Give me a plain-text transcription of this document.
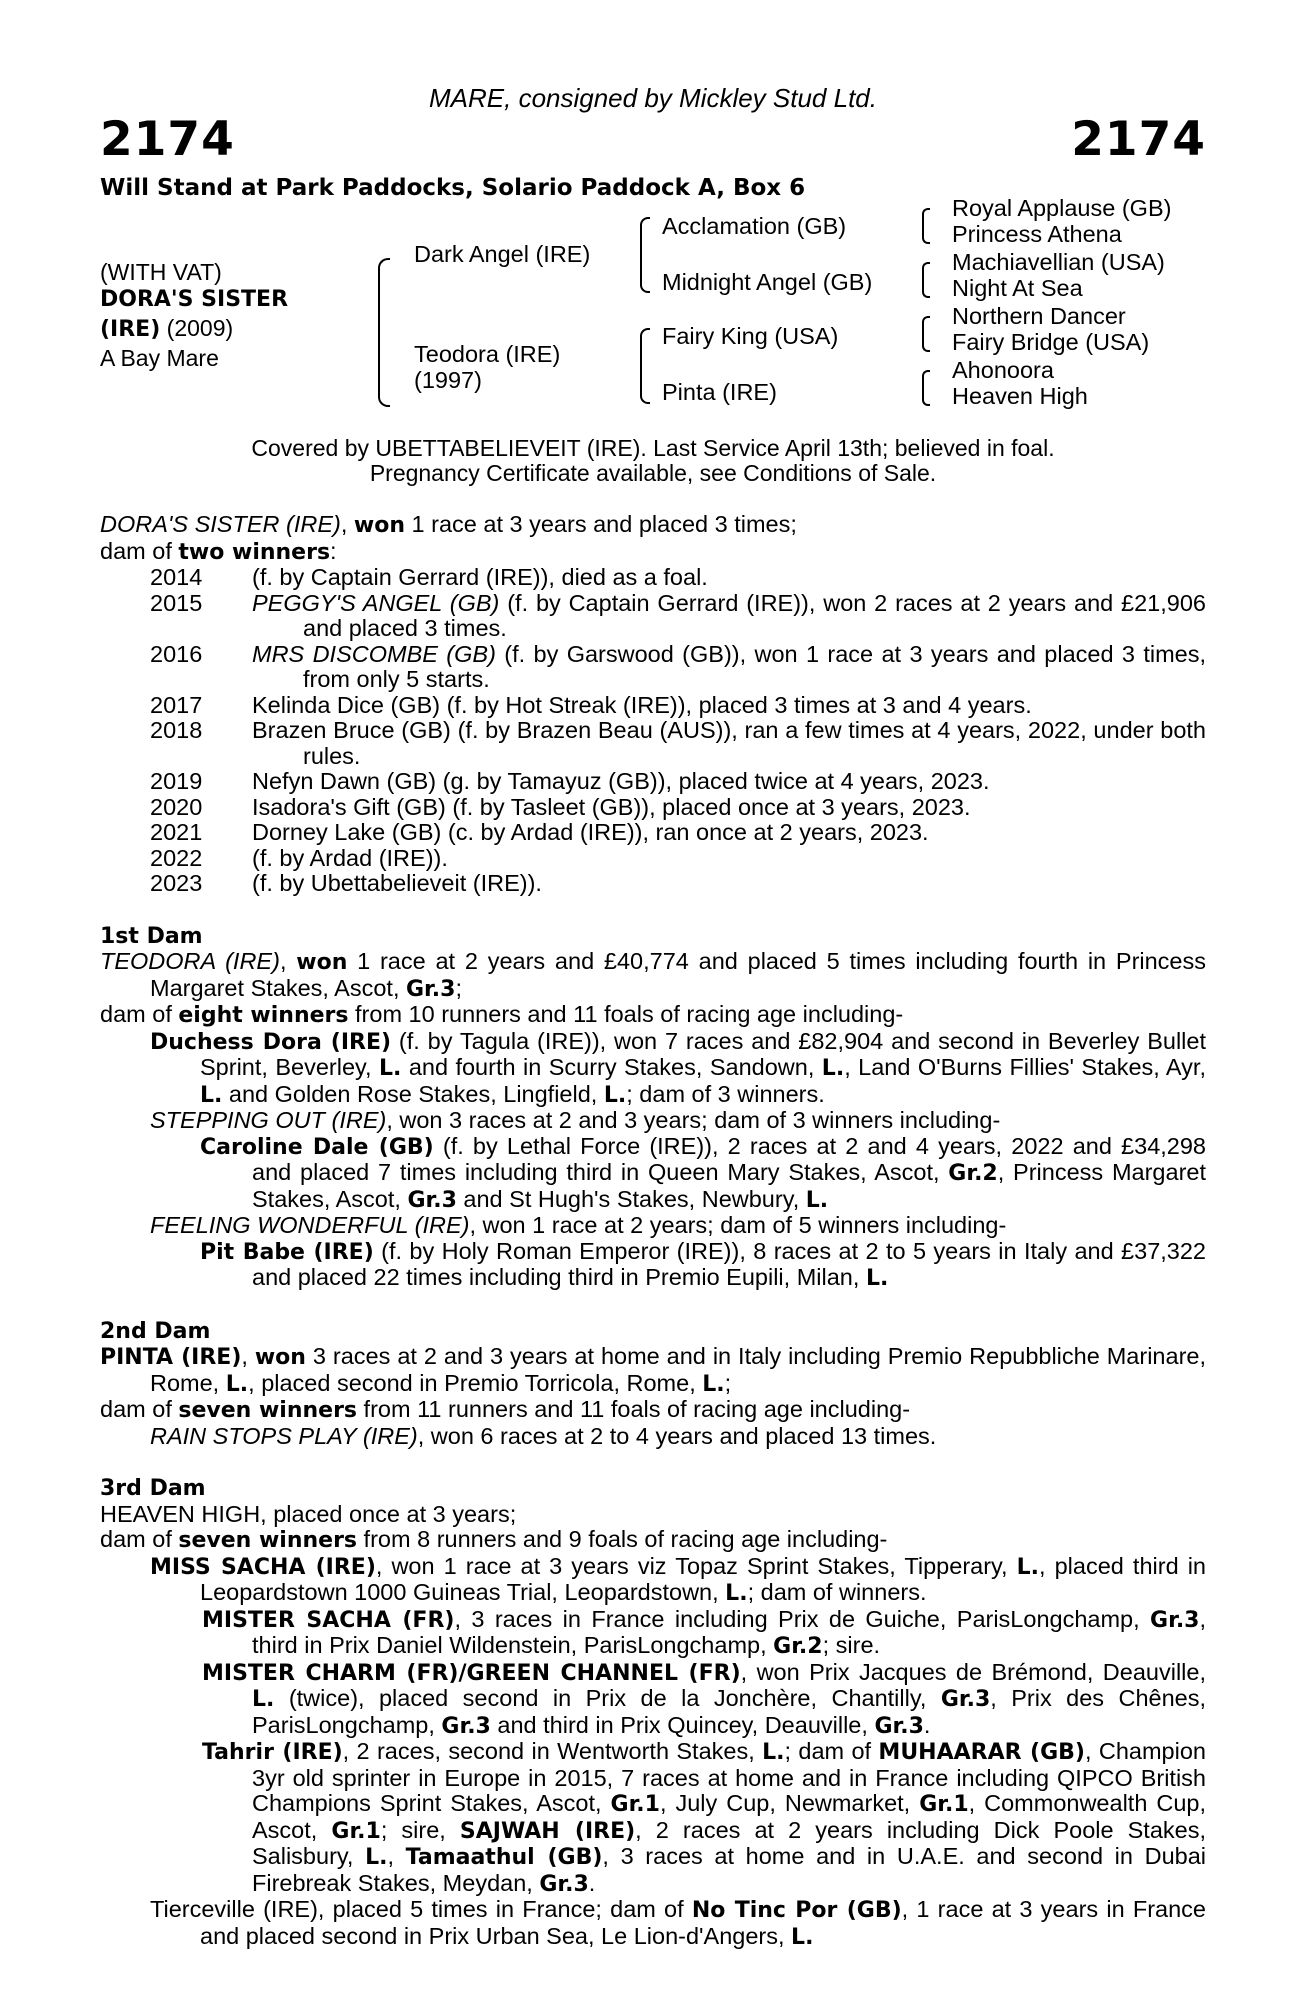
MARE, consigned by Mickley Stud Ltd.
2174	2174
Will Stand at Park Paddocks, Solario Paddock A, Box 6
(WITH VAT)
DORA'S SISTER
(IRE) (2009)
A Bay Mare
Dark Angel (IRE)
Teodora (IRE)
(1997)
Acclamation (GB)
Midnight Angel (GB)
Fairy King (USA)
Pinta (IRE)
Royal Applause (GB)
Princess Athena
Machiavellian (USA)
Night At Sea
Northern Dancer
Fairy Bridge (USA)
Ahonoora
Heaven High
Covered by UBETTABELIEVEIT (IRE). Last Service April 13th; believed in foal.
Pregnancy Certificate available, see Conditions of Sale.

DORA'S SISTER (IRE), won 1 race at 3 years and placed 3 times;

dam of two winners:

2014	(f. by Captain Gerrard (IRE)), died as a foal.
2015	PEGGY'S ANGEL (GB) (f. by Captain Gerrard (IRE)), won 2 races at 2 years and £21,906 and placed 3 times.
2016	MRS DISCOMBE (GB) (f. by Garswood (GB)), won 1 race at 3 years and placed 3 times, from only 5 starts.
2017	Kelinda Dice (GB) (f. by Hot Streak (IRE)), placed 3 times at 3 and 4 years.
2018	Brazen Bruce (GB) (f. by Brazen Beau (AUS)), ran a few times at 4 years, 2022, under both rules.
2019	Nefyn Dawn (GB) (g. by Tamayuz (GB)), placed twice at 4 years, 2023.
2020	Isadora's Gift (GB) (f. by Tasleet (GB)), placed once at 3 years, 2023.
2021	Dorney Lake (GB) (c. by Ardad (IRE)), ran once at 2 years, 2023.
2022	(f. by Ardad (IRE)).
2023	(f. by Ubettabelieveit (IRE)).
1st Dam

TEODORA (IRE), won 1 race at 2 years and £40,774 and placed 5 times including fourth in Princess Margaret Stakes, Ascot, Gr.3;

dam of eight winners from 10 runners and 11 foals of racing age including-

Duchess Dora (IRE) (f. by Tagula (IRE)), won 7 races and £82,904 and second in Beverley Bullet Sprint, Beverley, L. and fourth in Scurry Stakes, Sandown, L., Land O'Burns Fillies' Stakes, Ayr, L. and Golden Rose Stakes, Lingfield, L.; dam of 3 winners.

STEPPING OUT (IRE), won 3 races at 2 and 3 years; dam of 3 winners including-

Caroline Dale (GB) (f. by Lethal Force (IRE)), 2 races at 2 and 4 years, 2022 and £34,298 and placed 7 times including third in Queen Mary Stakes, Ascot, Gr.2, Princess Margaret Stakes, Ascot, Gr.3 and St Hugh's Stakes, Newbury, L.

FEELING WONDERFUL (IRE), won 1 race at 2 years; dam of 5 winners including-

Pit Babe (IRE) (f. by Holy Roman Emperor (IRE)), 8 races at 2 to 5 years in Italy and £37,322 and placed 22 times including third in Premio Eupili, Milan, L.

2nd Dam

PINTA (IRE), won 3 races at 2 and 3 years at home and in Italy including Premio Repubbliche Marinare, Rome, L., placed second in Premio Torricola, Rome, L.;

dam of seven winners from 11 runners and 11 foals of racing age including-

RAIN STOPS PLAY (IRE), won 6 races at 2 to 4 years and placed 13 times.

3rd Dam

HEAVEN HIGH, placed once at 3 years;

dam of seven winners from 8 runners and 9 foals of racing age including-

MISS SACHA (IRE), won 1 race at 3 years viz Topaz Sprint Stakes, Tipperary, L., placed third in Leopardstown 1000 Guineas Trial, Leopardstown, L.; dam of winners.

MISTER SACHA (FR), 3 races in France including Prix de Guiche, ParisLongchamp, Gr.3, third in Prix Daniel Wildenstein, ParisLongchamp, Gr.2; sire.

MISTER CHARM (FR)/GREEN CHANNEL (FR), won Prix Jacques de Brémond, Deauville, L. (twice), placed second in Prix de la Jonchère, Chantilly, Gr.3, Prix des Chênes, ParisLongchamp, Gr.3 and third in Prix Quincey, Deauville, Gr.3.

Tahrir (IRE), 2 races, second in Wentworth Stakes, L.; dam of MUHAARAR (GB), Champion 3yr old sprinter in Europe in 2015, 7 races at home and in France including QIPCO British Champions Sprint Stakes, Ascot, Gr.1, July Cup, Newmarket, Gr.1, Commonwealth Cup, Ascot, Gr.1; sire, SAJWAH (IRE), 2 races at 2 years including Dick Poole Stakes, Salisbury, L., Tamaathul (GB), 3 races at home and in U.A.E. and second in Dubai Firebreak Stakes, Meydan, Gr.3.

Tierceville (IRE), placed 5 times in France; dam of No Tinc Por (GB), 1 race at 3 years in France and placed second in Prix Urban Sea, Le Lion-d'Angers, L.
